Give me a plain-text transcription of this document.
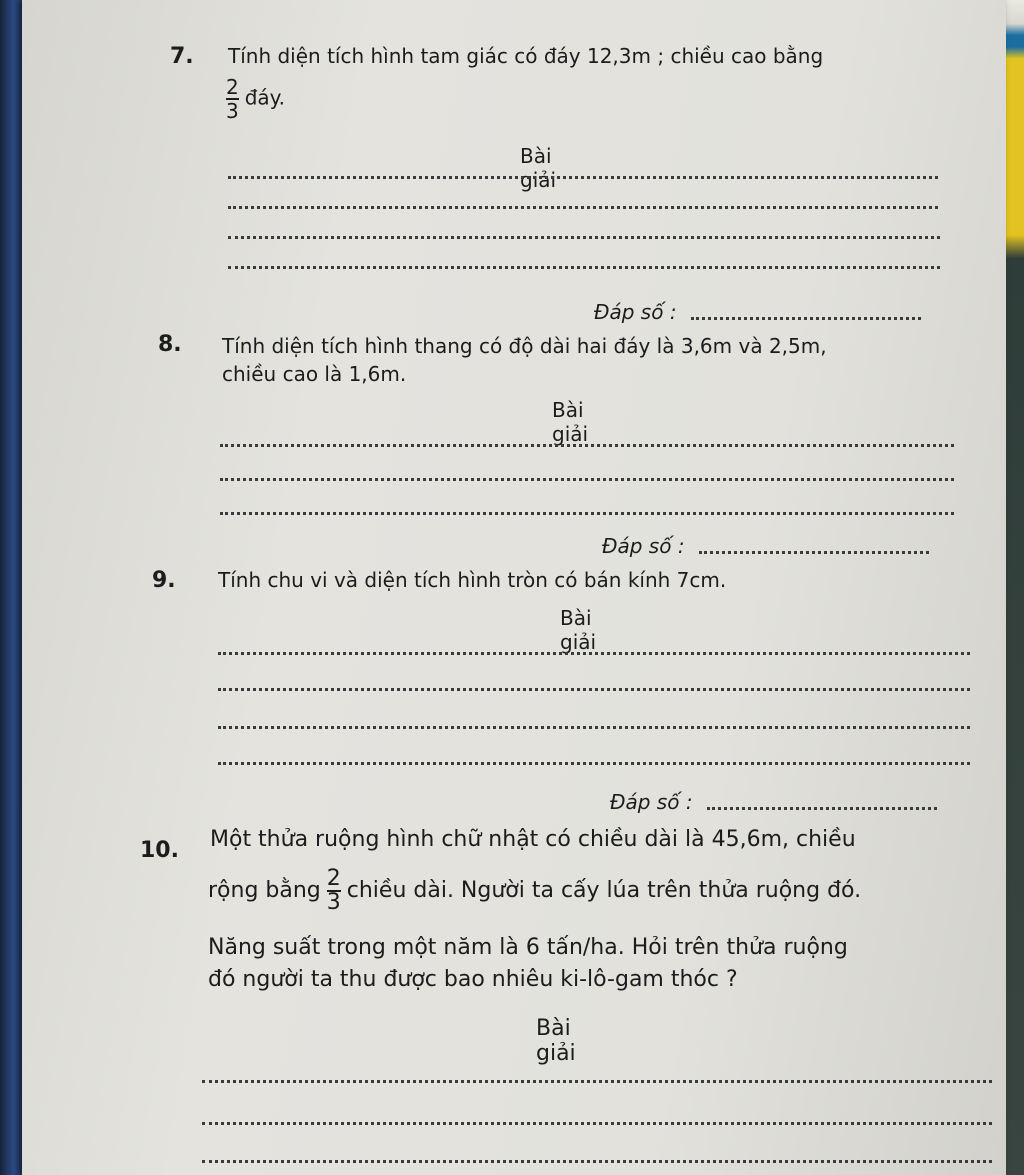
7. Tính diện tích hình tam giác có đáy 12,3m ; chiều cao bằng
$\frac{2}{3}$ đáy.
Bài giải
Đáp số :
8. Tính diện tích hình thang có độ dài hai đáy là 3,6m và 2,5m,
chiều cao là 1,6m.
Bài giải
Đáp số :
9. Tính chu vi và diện tích hình tròn có bán kính 7cm.
Bài giải
Đáp số :
10. Một thửa ruộng hình chữ nhật có chiều dài là 45,6m, chiều
rộng bằng $\frac{2}{3}$ chiều dài. Người ta cấy lúa trên thửa ruộng đó.
Năng suất trong một năm là 6 tấn/ha. Hỏi trên thửa ruộng
đó người ta thu được bao nhiêu ki-lô-gam thóc ?
Bài giải
